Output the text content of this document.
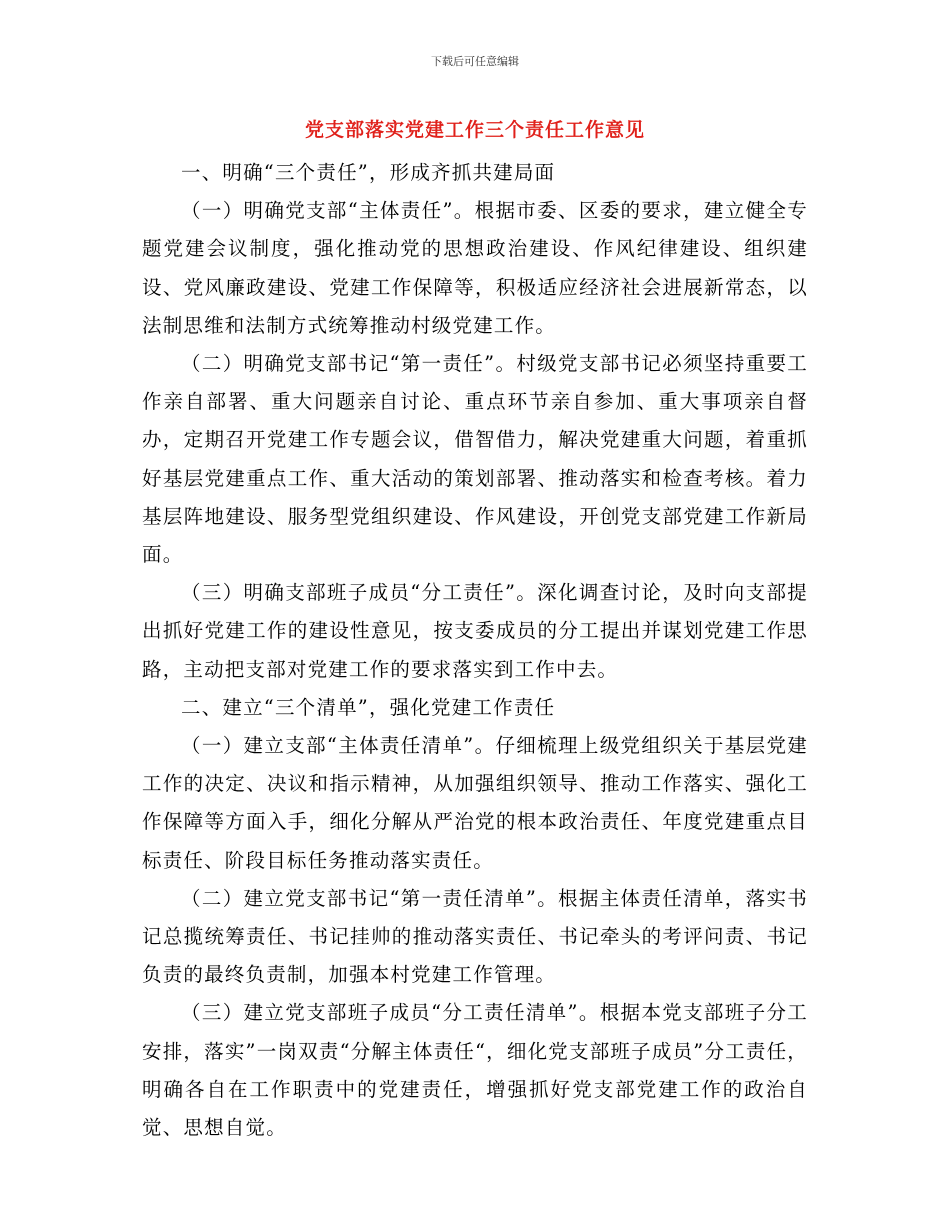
下载后可任意编辑
党支部落实党建工作三个责任工作意见

一、明确“三个责任”，形成齐抓共建局面

（一）明确党支部“主体责任”。根据市委、区委的要求，建立健全专题党建会议制度，强化推动党的思想政治建设、作风纪律建设、组织建设、党风廉政建设、党建工作保障等，积极适应经济社会进展新常态，以法制思维和法制方式统筹推动村级党建工作。

（二）明确党支部书记“第一责任”。村级党支部书记必须坚持重要工作亲自部署、重大问题亲自讨论、重点环节亲自参加、重大事项亲自督办，定期召开党建工作专题会议，借智借力，解决党建重大问题，着重抓好基层党建重点工作、重大活动的策划部署、推动落实和检查考核。着力基层阵地建设、服务型党组织建设、作风建设，开创党支部党建工作新局面。

（三）明确支部班子成员“分工责任”。深化调查讨论，及时向支部提出抓好党建工作的建设性意见，按支委成员的分工提出并谋划党建工作思路，主动把支部对党建工作的要求落实到工作中去。

二、建立“三个清单”，强化党建工作责任

（一）建立支部“主体责任清单”。仔细梳理上级党组织关于基层党建工作的决定、决议和指示精神，从加强组织领导、推动工作落实、强化工作保障等方面入手，细化分解从严治党的根本政治责任、年度党建重点目标责任、阶段目标任务推动落实责任。

（二）建立党支部书记“第一责任清单”。根据主体责任清单，落实书记总揽统筹责任、书记挂帅的推动落实责任、书记牵头的考评问责、书记负责的最终负责制，加强本村党建工作管理。

（三）建立党支部班子成员“分工责任清单”。根据本党支部班子分工安排，落实”一岗双责“分解主体责任“，细化党支部班子成员”分工责任，明确各自在工作职责中的党建责任，增强抓好党支部党建工作的政治自觉、思想自觉。
